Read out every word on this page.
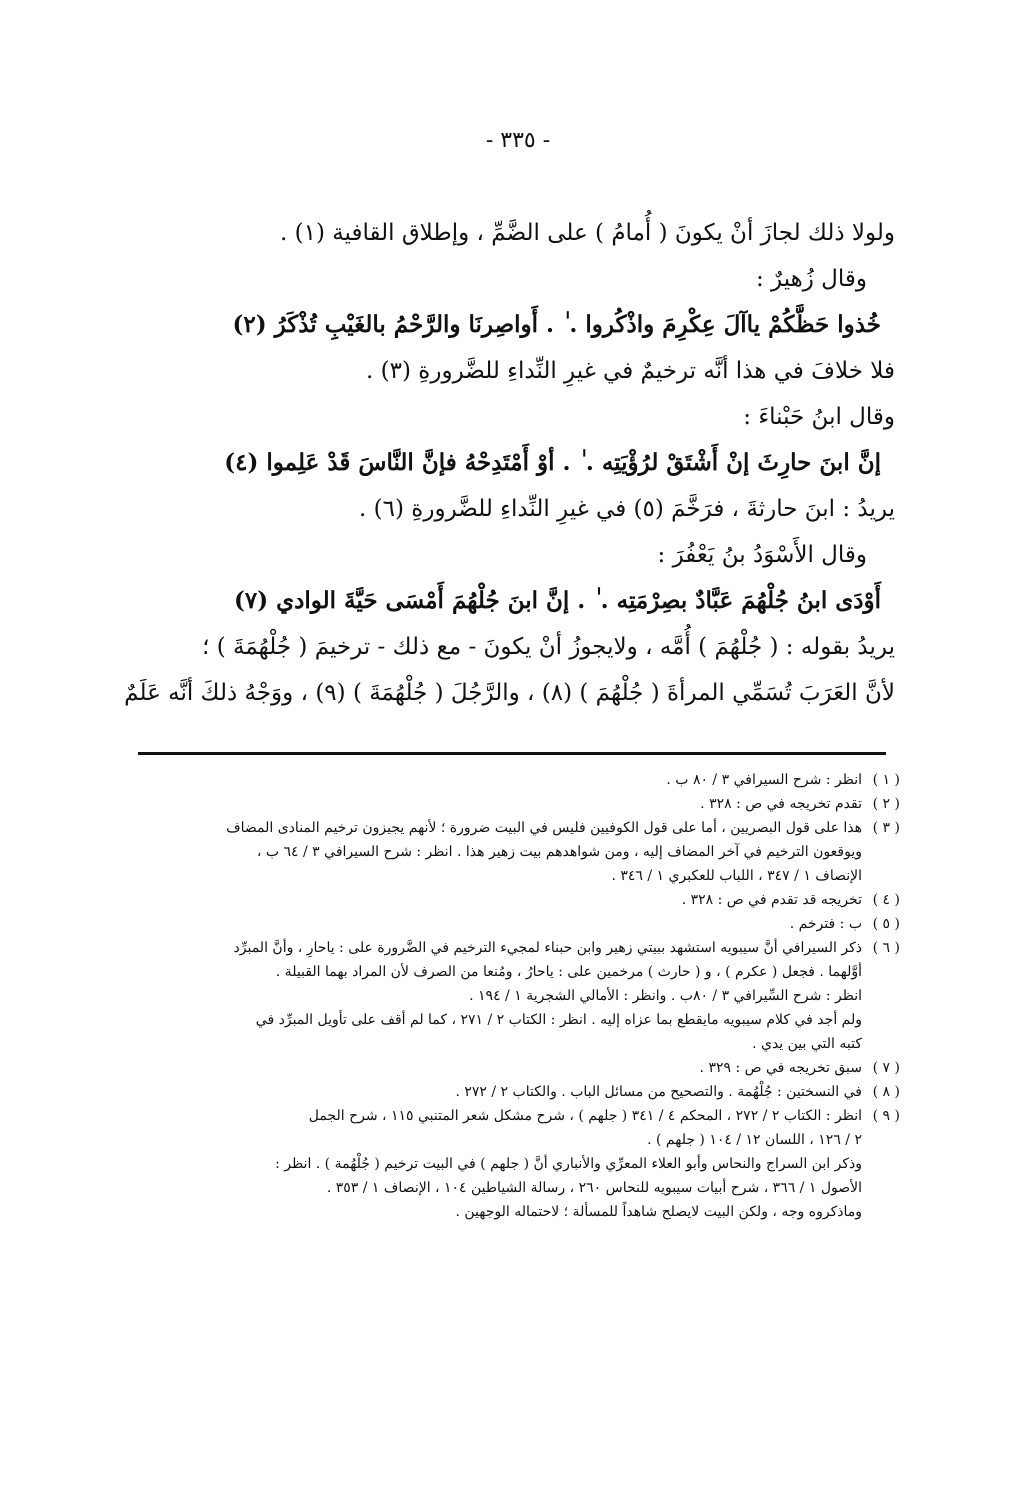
- ٣٣٥ -
ولولا ذلك لجازَ أنْ يكونَ ( أُمامُ ) على الضَّمِّ ، وإطلاق القافية (١) .
وقال زُهيرٌ :
خُذوا حَظَّكُمْ ياآلَ عِكْرِمَ واذْكُروا . ٰ . أَواصِرنَا والرَّحْمُ بالغَيْبِ تُذْكَرُ (٢)
فلا خلافَ في هذا أنَّه ترخيمٌ في غيرِ النِّداءِ للضَّرورةِ (٣) .
وقال ابنُ حَبْناءَ :
إنَّ ابنَ حارِثَ إنْ أَشْتَقْ لرُؤْيَتِه . ٰ . أوْ أَمْتَدِحْهُ فإنَّ النَّاسَ قَدْ عَلِموا (٤)
يريدُ : ابنَ حارثةَ ، فرَخَّمَ (٥) في غيرِ النِّداءِ للضَّرورةِ (٦) .
وقال الأَسْوَدُ بنُ يَعْفُرَ :
أَوْدَى ابنُ جُلْهُمَ عَبَّادٌ بصِرْمَتِه . ٰ . إنَّ ابنَ جُلْهُمَ أَمْسَى حَيَّةَ الوادي (٧)
يريدُ بقوله : ( جُلْهُمَ ) أُمَّه ، ولايجوزُ أنْ يكونَ - مع ذلك - ترخيمَ ( جُلْهُمَةَ ) ؛
لأنَّ العَرَبَ تُسَمِّي المرأةَ ( جُلْهُمَ ) (٨) ، والرَّجُلَ ( جُلْهُمَةَ ) (٩) ، ووَجْهُ ذلكَ أنَّه عَلَمٌ
( ١ )
انظر : شرح السيرافي ٣ / ٨٠ ب .
( ٢ )
تقدم تخريجه في ص : ٣٢٨ .
( ٣ )
هذا على قول البصريين ، أما على قول الكوفيين فليس في البيت ضرورة ؛ لأنهم يجيزون ترخيم المنادى المضاف
ويوقعون الترخيم في آخر المضاف إليه ، ومن شواهدهم بيت زهير هذا . انظر : شرح السيرافي ٣ / ٦٤ ب ،
الإنصاف ١ / ٣٤٧ ، اللباب للعكبري ١ / ٣٤٦ .
( ٤ )
تخريجه قد تقدم في ص : ٣٢٨ .
( ٥ )
ب : فترخم .
( ٦ )
ذكر السيرافي أنَّ سيبويه استشهد ببيتي زهير وابن حبناء لمجيء الترخيم في الضَّرورة على : ياحارِ ، وأنَّ المبرِّد
أوَّلهما . فجعل ( عكرم ) ، و ( حارث ) مرخمين على : ياحارُ ، ومُنعا من الصرف لأن المراد بهما القبيلة .
انظر : شرح السِّيرافي ٣ / ٨٠ب . وانظر : الأمالي الشجرية ١ / ١٩٤ .
ولم أجد في كلام سيبويه مايقطع بما عزاه إليه . انظر : الكتاب ٢ / ٢٧١ ، كما لم أقف على تأويل المبرِّد في
كتبه التي بين يدي .
( ٧ )
سبق تخريجه في ص : ٣٢٩ .
( ٨ )
في النسختين : جُلْهُمة . والتصحيح من مسائل الباب . والكتاب ٢ / ٢٧٢ .
( ٩ )
انظر : الكتاب ٢ / ٢٧٢ ، المحكم ٤ / ٣٤١ ( جلهم ) ، شرح مشكل شعر المتنبي ١١٥ ، شرح الجمل
٢ / ١٢٦ ، اللسان ١٢ / ١٠٤ ( جلهم ) .
وذكر ابن السراج والنحاس وأبو العلاء المعرِّي والأنباري أنَّ ( جلهم ) في البيت ترخيم ( جُلْهُمة ) . انظر :
الأصول ١ / ٣٦٦ ، شرح أبيات سيبويه للنحاس ٢٦٠ ، رسالة الشياطين ١٠٤ ، الإنصاف ١ / ٣٥٣ .
وماذكروه وجه ، ولكن البيت لايصلح شاهداً للمسألة ؛ لاحتماله الوجهين .
